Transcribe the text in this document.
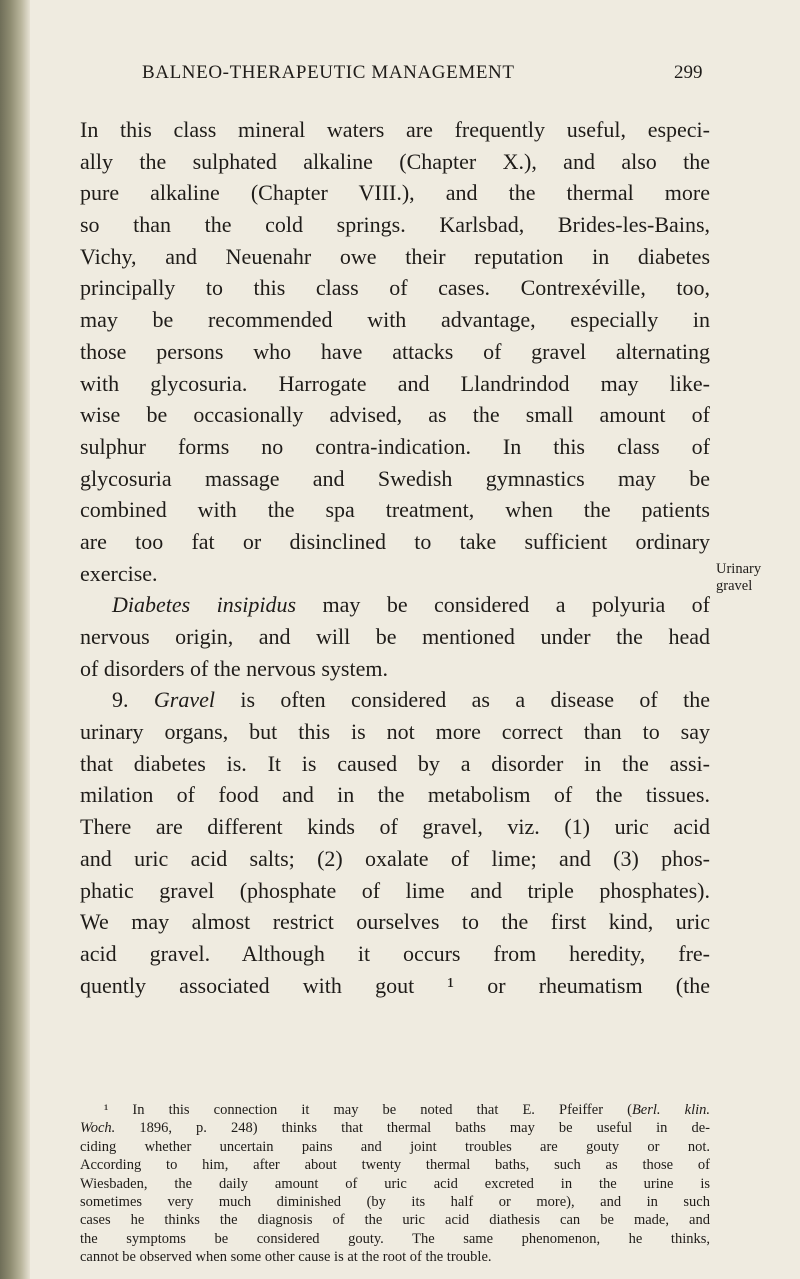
BALNEO-THERAPEUTIC MANAGEMENT	299
In this class mineral waters are frequently useful, especi-
ally the sulphated alkaline (Chapter X.), and also the
pure alkaline (Chapter VIII.), and the thermal more
so than the cold springs. Karlsbad, Brides-les-Bains,
Vichy, and Neuenahr owe their reputation in diabetes
principally to this class of cases. Contrexéville, too,
may be recommended with advantage, especially in
those persons who have attacks of gravel alternating
with glycosuria. Harrogate and Llandrindod may like-
wise be occasionally advised, as the small amount of
sulphur forms no contra-indication. In this class of
glycosuria massage and Swedish gymnastics may be
combined with the spa treatment, when the patients
are too fat or disinclined to take sufficient ordinary
exercise.
Diabetes insipidus may be considered a polyuria of
nervous origin, and will be mentioned under the head
of disorders of the nervous system.
9. Gravel is often considered as a disease of the
urinary organs, but this is not more correct than to say
that diabetes is. It is caused by a disorder in the assi-
milation of food and in the metabolism of the tissues.
There are different kinds of gravel, viz. (1) uric acid
and uric acid salts; (2) oxalate of lime; and (3) phos-
phatic gravel (phosphate of lime and triple phosphates).
We may almost restrict ourselves to the first kind, uric
acid gravel. Although it occurs from heredity, fre-
quently associated with gout ¹ or rheumatism (the
Urinary
gravel
¹ In this connection it may be noted that E. Pfeiffer (Berl. klin.
Woch. 1896, p. 248) thinks that thermal baths may be useful in de-
ciding whether uncertain pains and joint troubles are gouty or not.
According to him, after about twenty thermal baths, such as those of
Wiesbaden, the daily amount of uric acid excreted in the urine is
sometimes very much diminished (by its half or more), and in such
cases he thinks the diagnosis of the uric acid diathesis can be made, and
the symptoms be considered gouty. The same phenomenon, he thinks,
cannot be observed when some other cause is at the root of the trouble.
